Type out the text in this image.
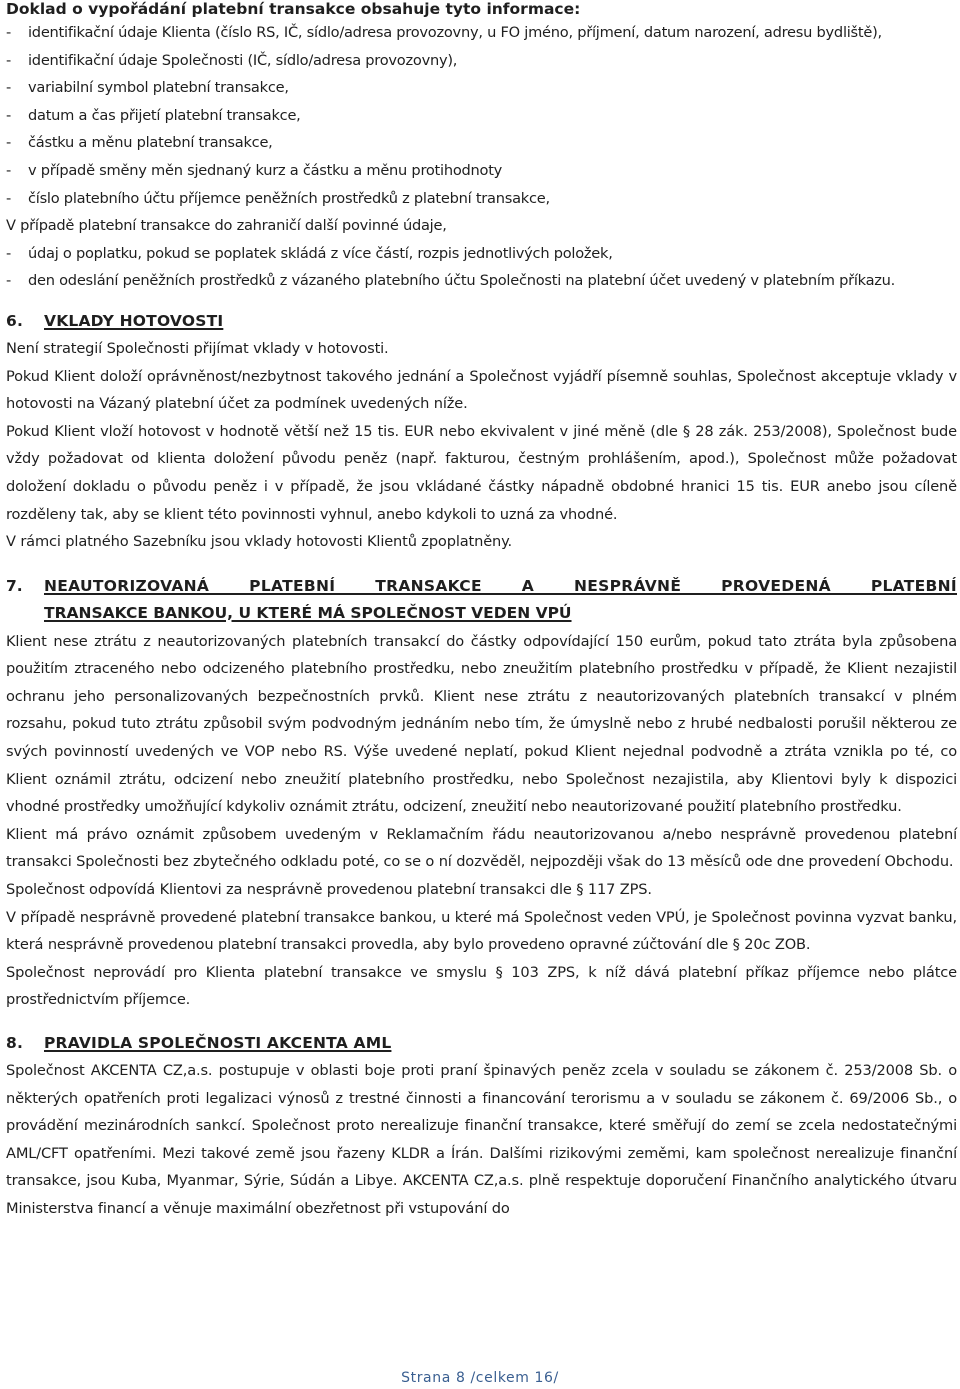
Doklad o vypořádání platební transakce obsahuje tyto informace:
- identifikační údaje Klienta (číslo RS, IČ, sídlo/adresa provozovny, u FO jméno, příjmení, datum narození, adresu bydliště),
- identifikační údaje Společnosti (IČ, sídlo/adresa provozovny),
- variabilní symbol platební transakce,
- datum a čas přijetí platební transakce,
- částku a měnu platební transakce,
- v případě směny měn sjednaný kurz a částku a měnu protihodnoty
- číslo platebního účtu příjemce peněžních prostředků z platební transakce,
V případě platební transakce do zahraničí další povinné údaje,
- údaj o poplatku, pokud se poplatek skládá z více částí, rozpis jednotlivých položek,
- den odeslání peněžních prostředků z vázaného platebního účtu Společnosti na platební účet uvedený v platebním příkazu.
6. VKLADY HOTOVOSTI

Není strategií Společnosti přijímat vklady v hotovosti.

Pokud Klient doloží oprávněnost/nezbytnost takového jednání a Společnost vyjádří písemně souhlas, Společnost akceptuje vklady v hotovosti na Vázaný platební účet za podmínek uvedených níže.

Pokud Klient vloží hotovost v hodnotě větší než 15 tis. EUR nebo ekvivalent v jiné měně (dle § 28 zák. 253/2008), Společnost bude vždy požadovat od klienta doložení původu peněz (např. fakturou, čestným prohlášením, apod.), Společnost může požadovat doložení dokladu o původu peněz i v případě, že jsou vkládané částky nápadně obdobné hranici 15 tis. EUR anebo jsou cíleně rozděleny tak, aby se klient této povinnosti vyhnul, anebo kdykoli to uzná za vhodné.

V rámci platného Sazebníku jsou vklady hotovosti Klientů zpoplatněny.

7.	NEAUTORIZOVANÁ PLATEBNÍ TRANSAKCE A NESPRÁVNĚ PROVEDENÁ PLATEBNÍ
TRANSAKCE BANKOU, U KTERÉ MÁ SPOLEČNOST VEDEN VPÚ

Klient nese ztrátu z neautorizovaných platebních transakcí do částky odpovídající 150 eurům, pokud tato ztráta byla způsobena použitím ztraceného nebo odcizeného platebního prostředku, nebo zneužitím platebního prostředku v případě, že Klient nezajistil ochranu jeho personalizovaných bezpečnostních prvků. Klient nese ztrátu z neautorizovaných platebních transakcí v plném rozsahu, pokud tuto ztrátu způsobil svým podvodným jednáním nebo tím, že úmyslně nebo z hrubé nedbalosti porušil některou ze svých povinností uvedených ve VOP nebo RS. Výše uvedené neplatí, pokud Klient nejednal podvodně a ztráta vznikla po té, co Klient oznámil ztrátu, odcizení nebo zneužití platebního prostředku, nebo Společnost nezajistila, aby Klientovi byly k dispozici vhodné prostředky umožňující kdykoliv oznámit ztrátu, odcizení, zneužití nebo neautorizované použití platebního prostředku.

Klient má právo oznámit způsobem uvedeným v Reklamačním řádu neautorizovanou a/nebo nesprávně provedenou platební transakci Společnosti bez zbytečného odkladu poté, co se o ní dozvěděl, nejpozději však do 13 měsíců ode dne provedení Obchodu.

Společnost odpovídá Klientovi za nesprávně provedenou platební transakci dle § 117 ZPS.

V případě nesprávně provedené platební transakce bankou, u které má Společnost veden VPÚ, je Společnost povinna vyzvat banku, která nesprávně provedenou platební transakci provedla, aby bylo provedeno opravné zúčtování dle § 20c ZOB.

Společnost neprovádí pro Klienta platební transakce ve smyslu § 103 ZPS, k níž dává platební příkaz příjemce nebo plátce prostřednictvím příjemce.

8. PRAVIDLA SPOLEČNOSTI AKCENTA AML

Společnost AKCENTA CZ,a.s. postupuje v oblasti boje proti praní špinavých peněz zcela v souladu se zákonem č. 253/2008 Sb. o některých opatřeních proti legalizaci výnosů z trestné činnosti a financování terorismu a v souladu se zákonem č. 69/2006 Sb., o provádění mezinárodních sankcí. Společnost proto nerealizuje finanční transakce, které směřují do zemí se zcela nedostatečnými AML/CFT opatřeními. Mezi takové země jsou řazeny KLDR a Írán. Dalšími rizikovými zeměmi, kam společnost nerealizuje finanční transakce, jsou Kuba, Myanmar, Sýrie, Súdán a Libye. AKCENTA CZ,a.s. plně respektuje doporučení Finančního analytického útvaru Ministerstva financí a věnuje maximální obezřetnost při vstupování do

Strana 8 /celkem 16/
